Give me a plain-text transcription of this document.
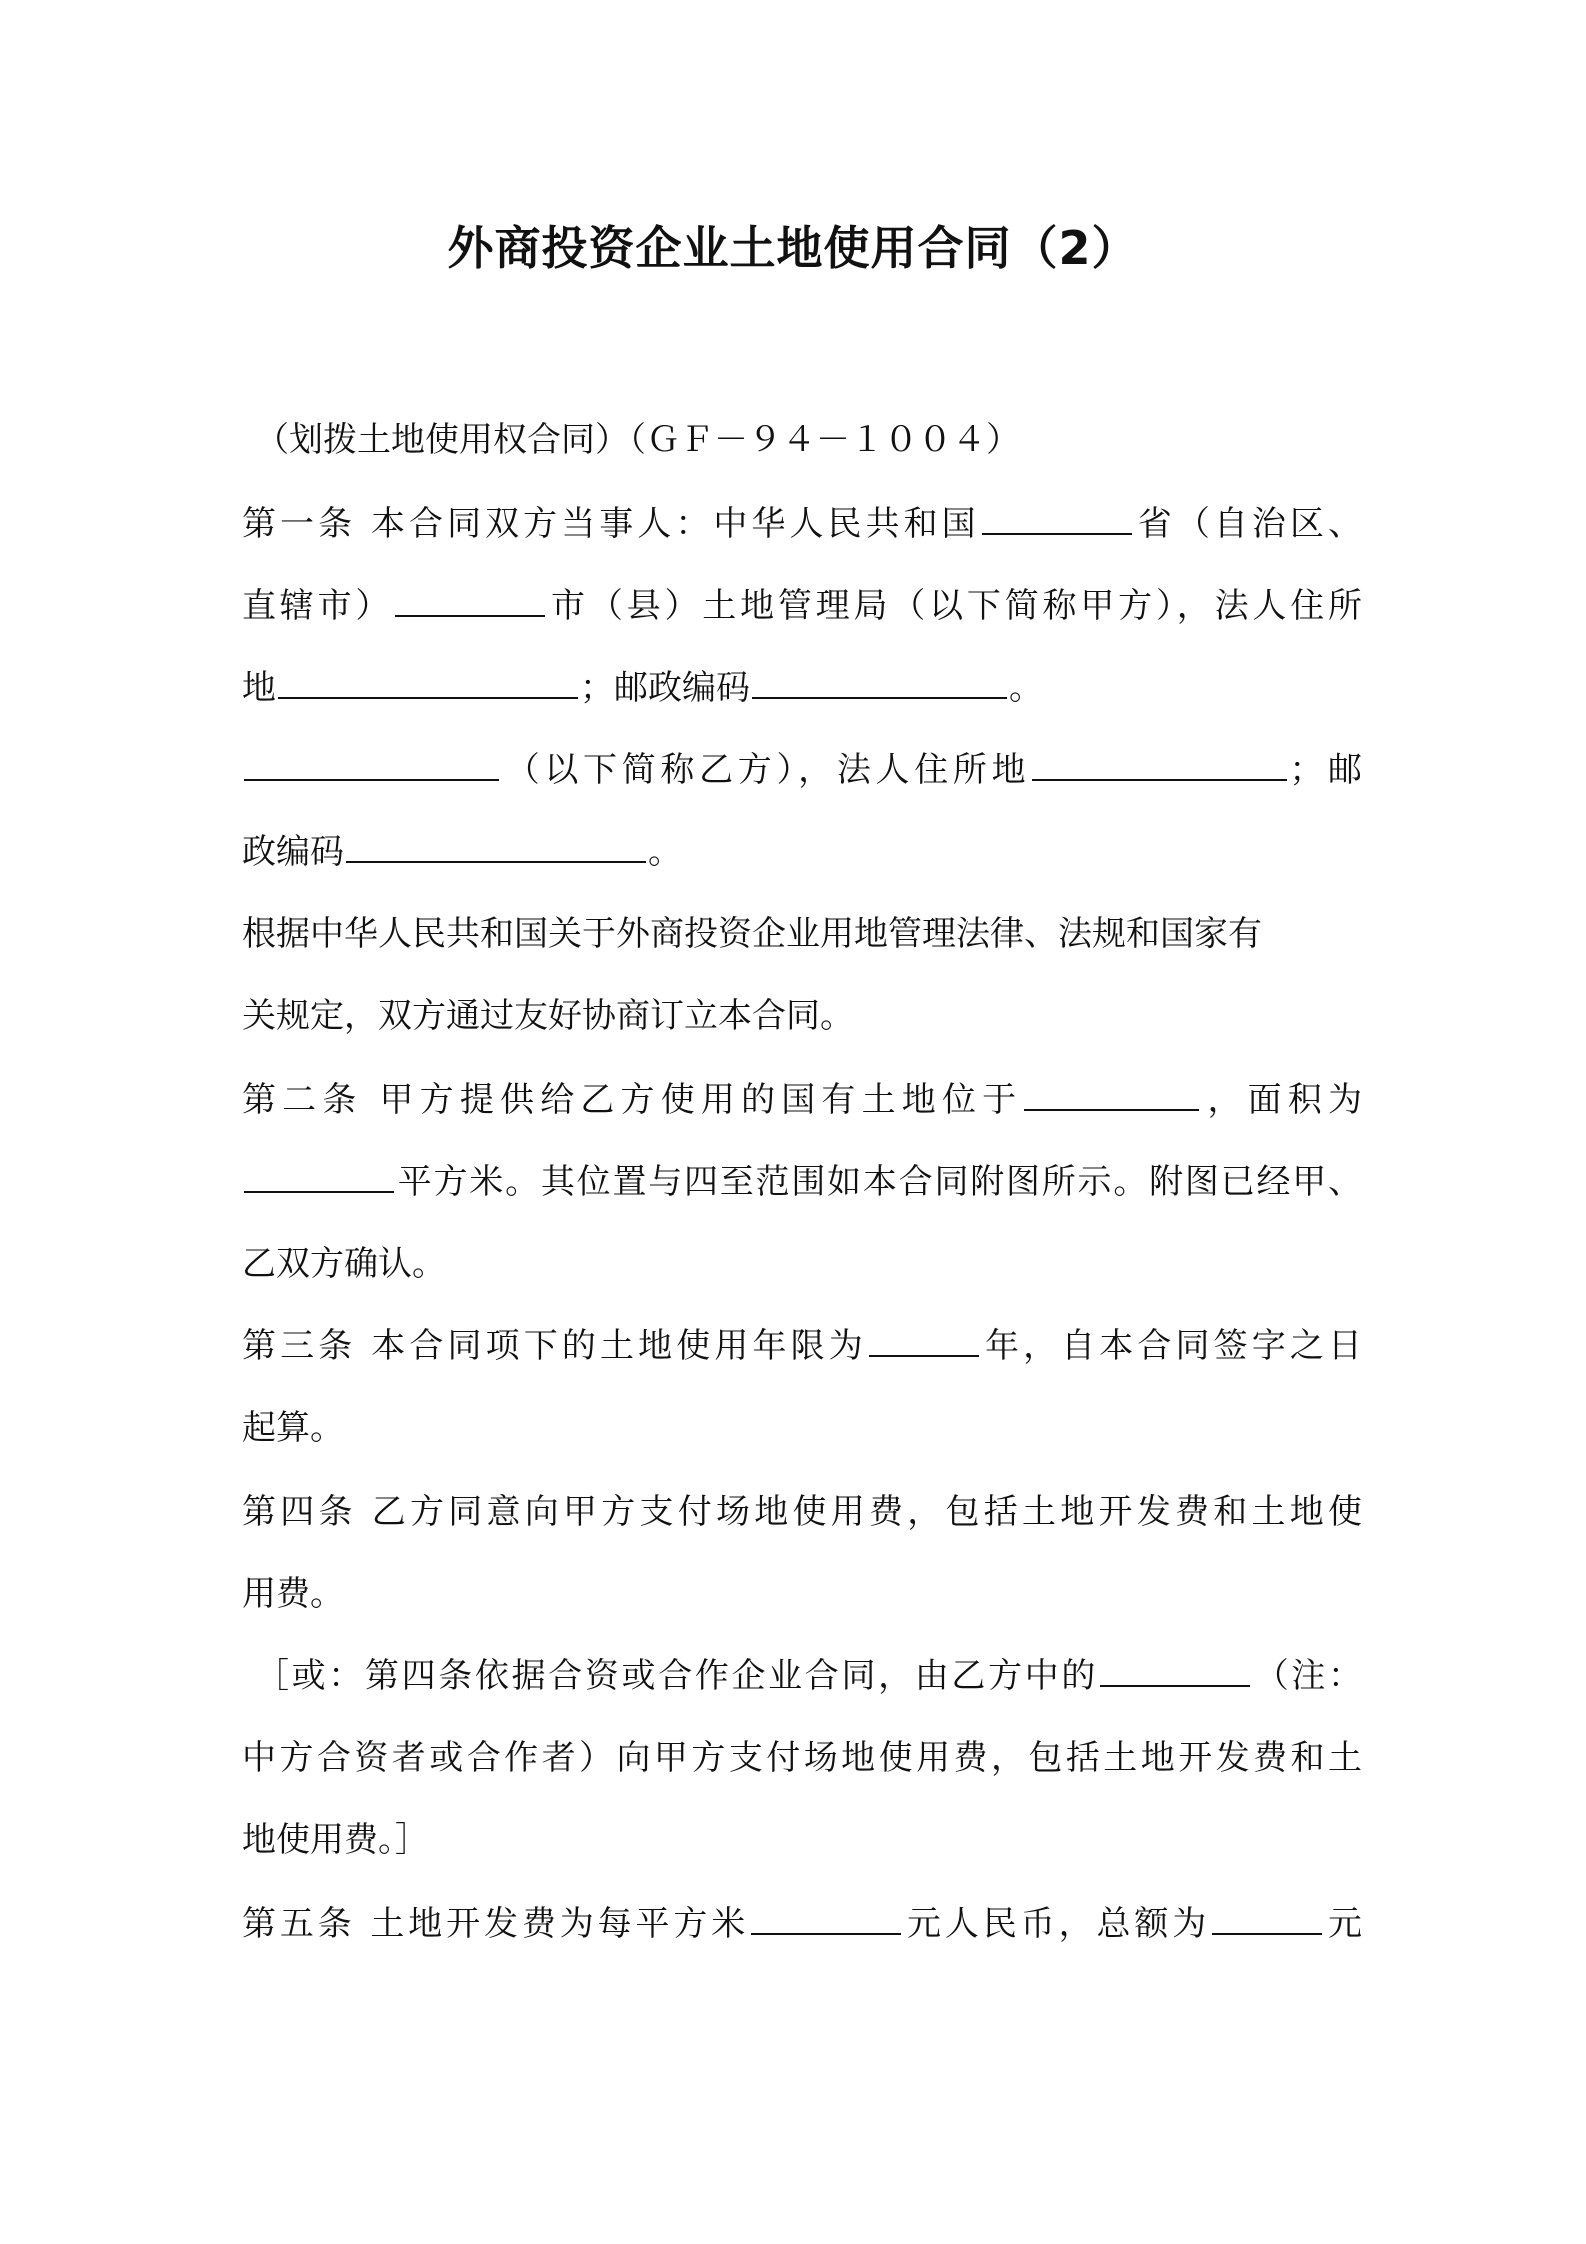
外商投资企业土地使用合同（2）
（划拨土地使用权合同）（ＧＦ－９４－１００４）
第一条 本合同双方当事人：中华人民共和国	省（自治区、
直辖市）	市（县）土地管理局（以下简称甲方），法人住所
地	；邮政编码	。
（以下简称乙方），法人住所地	；邮
政编码	。
根据中华人民共和国关于外商投资企业用地管理法律、法规和国家有
关规定，双方通过友好协商订立本合同。
第二条 甲方提供给乙方使用的国有土地位于	，面积为
平方米。其位置与四至范围如本合同附图所示。附图已经甲、
乙双方确认。
第三条 本合同项下的土地使用年限为	年，自本合同签字之日
起算。
第四条 乙方同意向甲方支付场地使用费，包括土地开发费和土地使
用费。
［或：第四条依据合资或合作企业合同，由乙方中的	（注：
中方合资者或合作者）向甲方支付场地使用费，包括土地开发费和土
地使用费。］
第五条 土地开发费为每平方米	元人民币，总额为	元
